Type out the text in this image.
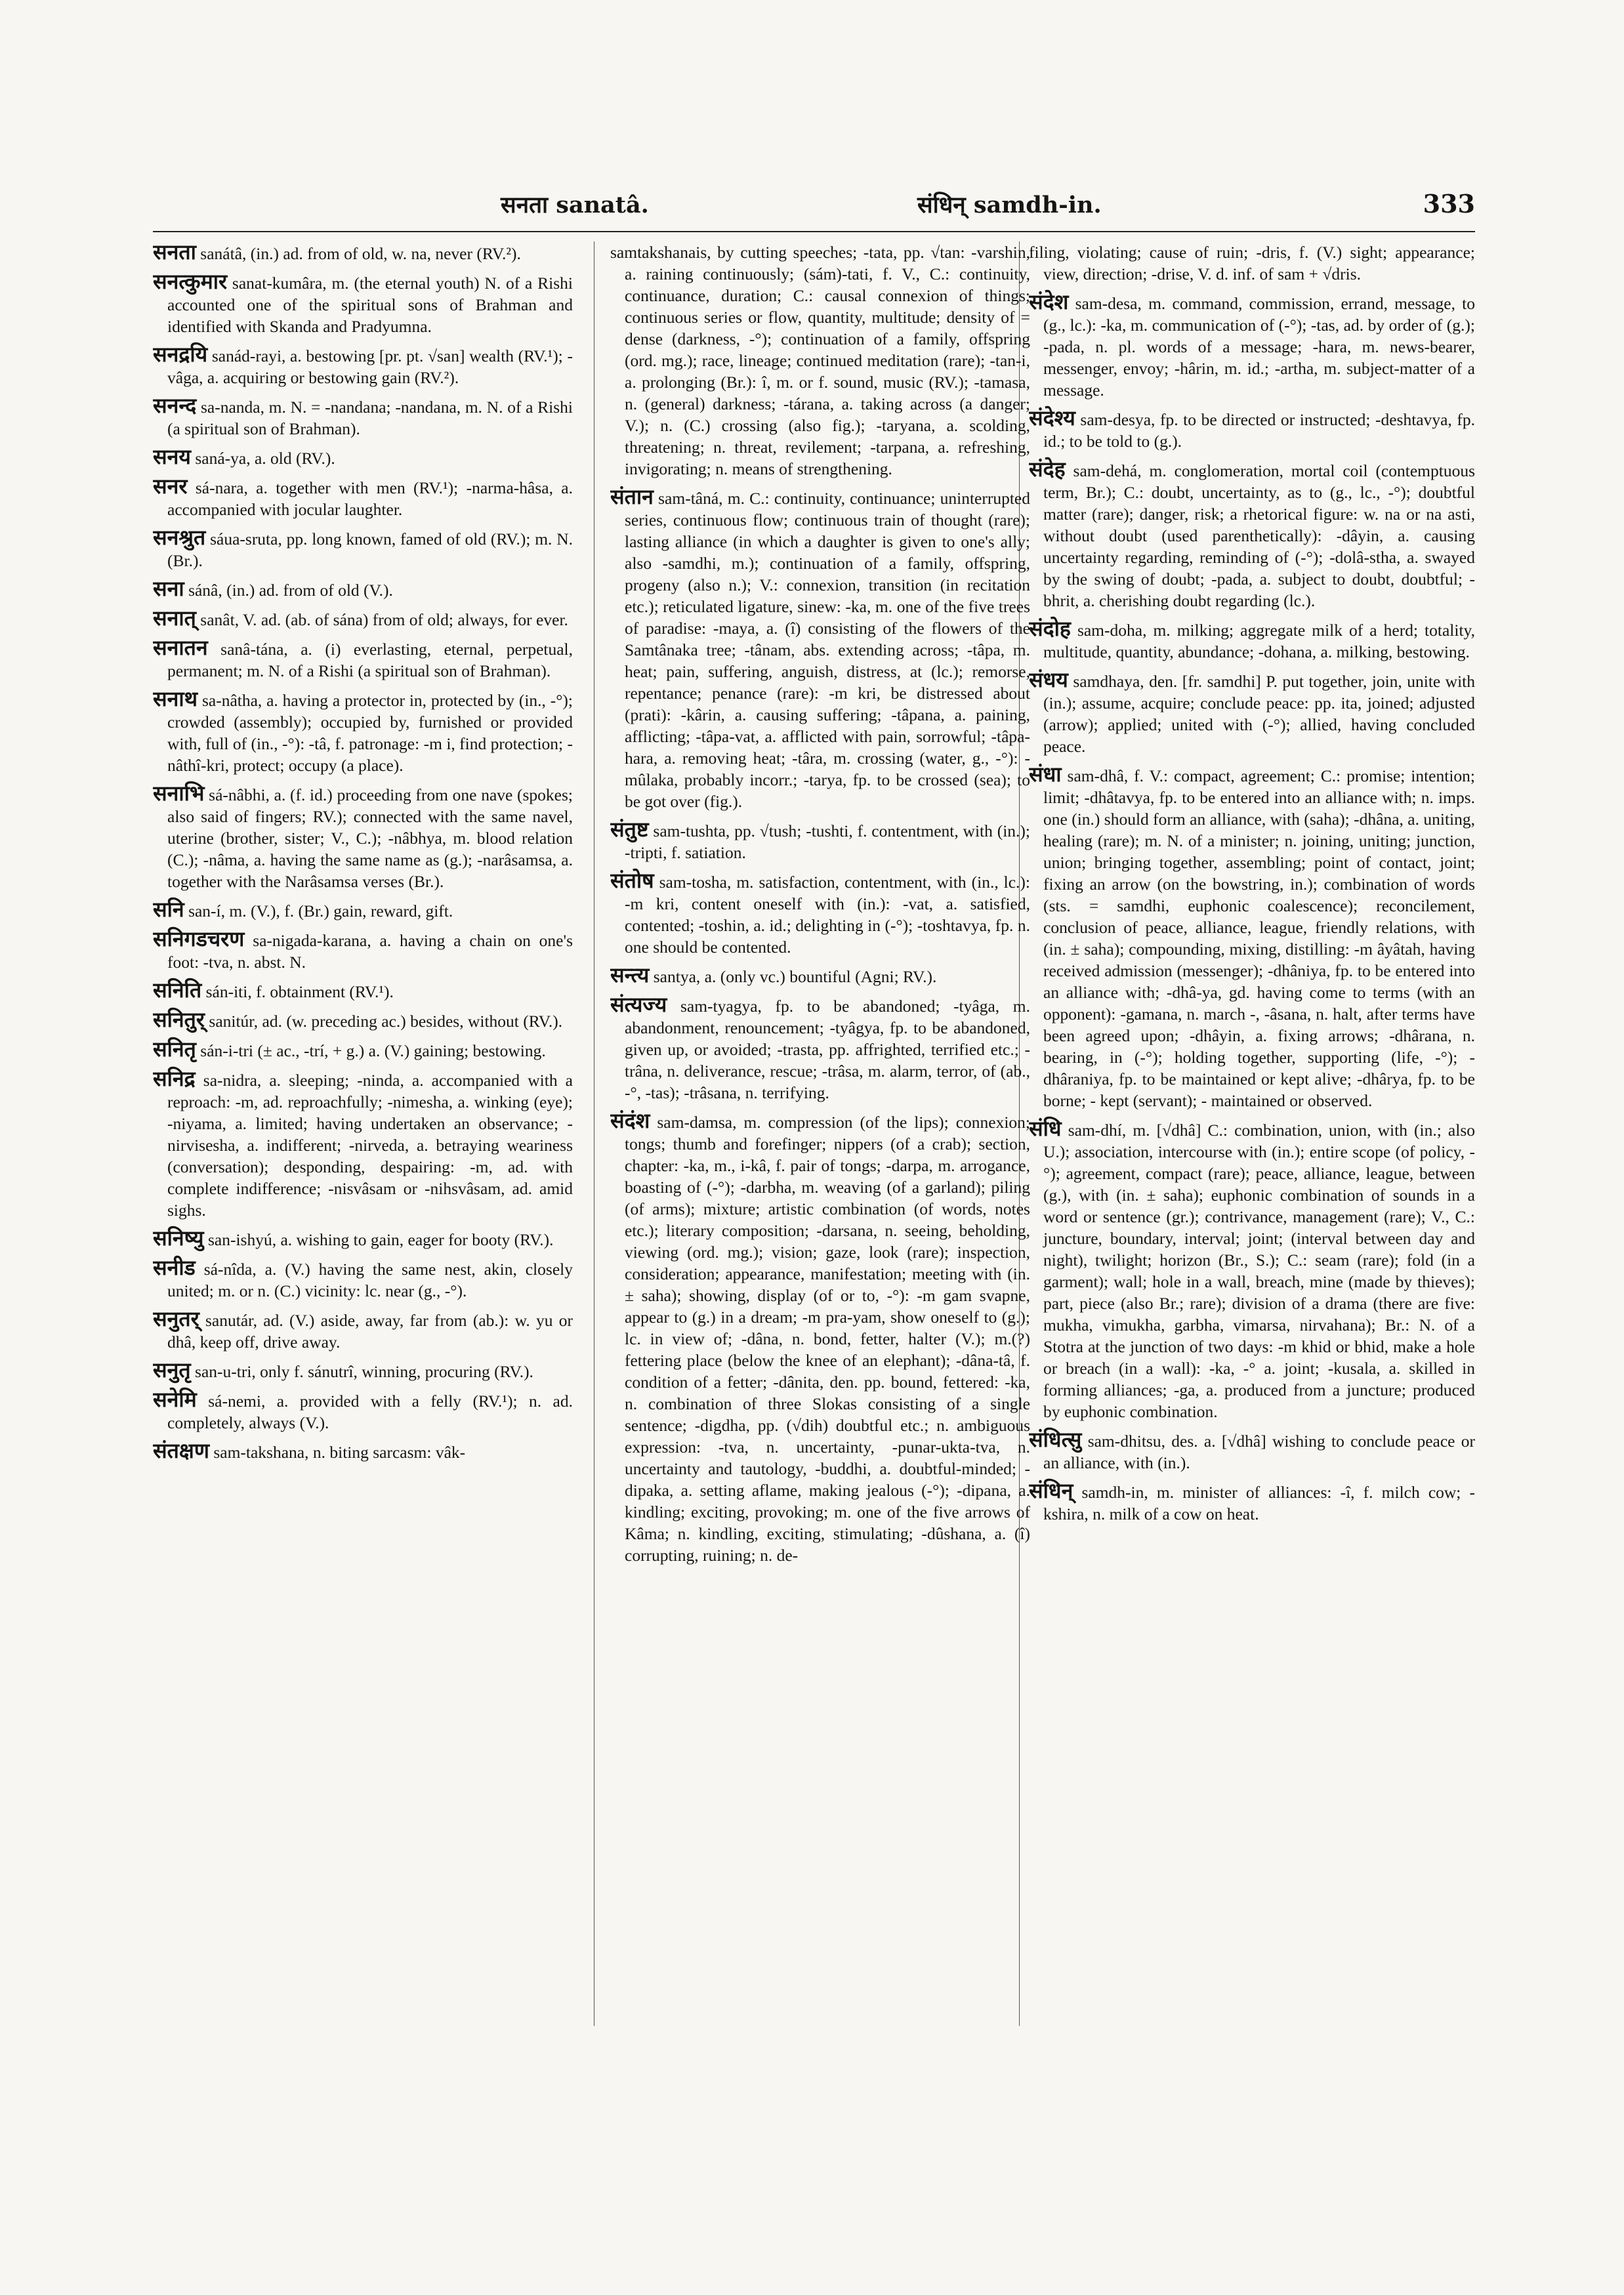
सनता sanatâ.	संधिन् samdh-in.	333

सनता sanátâ, (in.) ad. from of old, w. na, never (RV.²).

सनत्कुमार sanat-kumâra, m. (the eternal youth) N. of a Rishi accounted one of the spiritual sons of Brahman and identified with Skanda and Pradyumna.

सनद्रयि sanád-rayi, a. bestowing [pr. pt. √san] wealth (RV.¹); -vâga, a. acquiring or bestowing gain (RV.²).

सनन्द sa-nanda, m. N. = -nandana; -nandana, m. N. of a Rishi (a spiritual son of Brahman).

सनय saná-ya, a. old (RV.).

सनर sá-nara, a. together with men (RV.¹); -narma-hâsa, a. accompanied with jocular laughter.

सनश्रुत sáua-sruta, pp. long known, famed of old (RV.); m. N. (Br.).

सना sánâ, (in.) ad. from of old (V.).

सनात् sanât, V. ad. (ab. of sána) from of old; always, for ever.

सनातन sanâ-tána, a. (i) everlasting, eternal, perpetual, permanent; m. N. of a Rishi (a spiritual son of Brahman).

सनाथ sa-nâtha, a. having a protector in, protected by (in., -°); crowded (assembly); occupied by, furnished or provided with, full of (in., -°): -tâ, f. patronage: -m i, find protection; -nâthî-kri, protect; occupy (a place).

सनाभि sá-nâbhi, a. (f. id.) proceeding from one nave (spokes; also said of fingers; RV.); connected with the same navel, uterine (brother, sister; V., C.); -nâbhya, m. blood relation (C.); -nâma, a. having the same name as (g.); -narâsamsa, a. together with the Narâsamsa verses (Br.).

सनि san-í, m. (V.), f. (Br.) gain, reward, gift.

सनिगडचरण sa-nigada-karana, a. having a chain on one's foot: -tva, n. abst. N.

सनिति sán-iti, f. obtainment (RV.¹).

सनितुर् sanitúr, ad. (w. preceding ac.) besides, without (RV.).

सनितृ sán-i-tri (± ac., -trí, + g.) a. (V.) gaining; bestowing.

सनिद्र sa-nidra, a. sleeping; -ninda, a. accompanied with a reproach: -m, ad. reproachfully; -nimesha, a. winking (eye); -niyama, a. limited; having undertaken an observance; -nirvisesha, a. indifferent; -nirveda, a. betraying weariness (conversation); desponding, despairing: -m, ad. with complete indifference; -nisvâsam or -nihsvâsam, ad. amid sighs.

सनिष्यु san-ishyú, a. wishing to gain, eager for booty (RV.).

सनीड sá-nîda, a. (V.) having the same nest, akin, closely united; m. or n. (C.) vicinity: lc. near (g., -°).

सनुतर् sanutár, ad. (V.) aside, away, far from (ab.): w. yu or dhâ, keep off, drive away.

सनुतृ san-u-tri, only f. sánutrî, winning, procuring (RV.).

सनेमि sá-nemi, a. provided with a felly (RV.¹); n. ad. completely, always (V.).

संतक्षण sam-takshana, n. biting sarcasm: vâk-

samtakshanais, by cutting speeches; -tata, pp. √tan: -varshin, a. raining continuously; (sám)-tati, f. V., C.: continuity, continuance, duration; C.: causal connexion of things; continuous series or flow, quantity, multitude; density of = dense (darkness, -°); continuation of a family, offspring (ord. mg.); race, lineage; continued meditation (rare); -tan-i, a. prolonging (Br.): î, m. or f. sound, music (RV.); -tamasa, n. (general) darkness; -tárana, a. taking across (a danger; V.); n. (C.) crossing (also fig.); -taryana, a. scolding, threatening; n. threat, revilement; -tarpana, a. refreshing, invigorating; n. means of strengthening.

संतान sam-tâná, m. C.: continuity, continuance; uninterrupted series, continuous flow; continuous train of thought (rare); lasting alliance (in which a daughter is given to one's ally; also -samdhi, m.); continuation of a family, offspring, progeny (also n.); V.: connexion, transition (in recitation etc.); reticulated ligature, sinew: -ka, m. one of the five trees of paradise: -maya, a. (î) consisting of the flowers of the Samtânaka tree; -tânam, abs. extending across; -tâpa, m. heat; pain, suffering, anguish, distress, at (lc.); remorse, repentance; penance (rare): -m kri, be distressed about (prati): -kârin, a. causing suffering; -tâpana, a. paining, afflicting; -tâpa-vat, a. afflicted with pain, sorrowful; -tâpa-hara, a. removing heat; -târa, m. crossing (water, g., -°): -mûlaka, probably incorr.; -tarya, fp. to be crossed (sea); to be got over (fig.).

संतुष्ट sam-tushta, pp. √tush; -tushti, f. contentment, with (in.); -tripti, f. satiation.

संतोष sam-tosha, m. satisfaction, contentment, with (in., lc.): -m kri, content oneself with (in.): -vat, a. satisfied, contented; -toshin, a. id.; delighting in (-°); -toshtavya, fp. n. one should be contented.

सन्त्य santya, a. (only vc.) bountiful (Agni; RV.).

संत्यज्य sam-tyagya, fp. to be abandoned; -tyâga, m. abandonment, renouncement; -tyâgya, fp. to be abandoned, given up, or avoided; -trasta, pp. affrighted, terrified etc.; -trâna, n. deliverance, rescue; -trâsa, m. alarm, terror, of (ab., -°, -tas); -trâsana, n. terrifying.

संदंश sam-damsa, m. compression (of the lips); connexion; tongs; thumb and forefinger; nippers (of a crab); section, chapter: -ka, m., i-kâ, f. pair of tongs; -darpa, m. arrogance, boasting of (-°); -darbha, m. weaving (of a garland); piling (of arms); mixture; artistic combination (of words, notes etc.); literary composition; -darsana, n. seeing, beholding, viewing (ord. mg.); vision; gaze, look (rare); inspection, consideration; appearance, manifestation; meeting with (in. ± saha); showing, display (of or to, -°): -m gam svapne, appear to (g.) in a dream; -m pra-yam, show oneself to (g.); lc. in view of; -dâna, n. bond, fetter, halter (V.); m.(?) fettering place (below the knee of an elephant); -dâna-tâ, f. condition of a fetter; -dânita, den. pp. bound, fettered: -ka, n. combination of three Slokas consisting of a single sentence; -digdha, pp. (√dih) doubtful etc.; n. ambiguous expression: -tva, n. uncertainty, -punar-ukta-tva, n. uncertainty and tautology, -buddhi, a. doubtful-minded; -dipaka, a. setting aflame, making jealous (-°); -dipana, a. kindling; exciting, provoking; m. one of the five arrows of Kâma; n. kindling, exciting, stimulating; -dûshana, a. (î) corrupting, ruining; n. de-

filing, violating; cause of ruin; -dris, f. (V.) sight; appearance; view, direction; -drise, V. d. inf. of sam + √dris.

संदेश sam-desa, m. command, commission, errand, message, to (g., lc.): -ka, m. communication of (-°); -tas, ad. by order of (g.); -pada, n. pl. words of a message; -hara, m. news-bearer, messenger, envoy; -hârin, m. id.; -artha, m. subject-matter of a message.

संदेश्य sam-desya, fp. to be directed or instructed; -deshtavya, fp. id.; to be told to (g.).

संदेह sam-dehá, m. conglomeration, mortal coil (contemptuous term, Br.); C.: doubt, uncertainty, as to (g., lc., -°); doubtful matter (rare); danger, risk; a rhetorical figure: w. na or na asti, without doubt (used parenthetically): -dâyin, a. causing uncertainty regarding, reminding of (-°); -dolâ-stha, a. swayed by the swing of doubt; -pada, a. subject to doubt, doubtful; -bhrit, a. cherishing doubt regarding (lc.).

संदोह sam-doha, m. milking; aggregate milk of a herd; totality, multitude, quantity, abundance; -dohana, a. milking, bestowing.

संधय samdhaya, den. [fr. samdhi] P. put together, join, unite with (in.); assume, acquire; conclude peace: pp. ita, joined; adjusted (arrow); applied; united with (-°); allied, having concluded peace.

संधा sam-dhâ, f. V.: compact, agreement; C.: promise; intention; limit; -dhâtavya, fp. to be entered into an alliance with; n. imps. one (in.) should form an alliance, with (saha); -dhâna, a. uniting, healing (rare); m. N. of a minister; n. joining, uniting; junction, union; bringing together, assembling; point of contact, joint; fixing an arrow (on the bowstring, in.); combination of words (sts. = samdhi, euphonic coalescence); reconcilement, conclusion of peace, alliance, league, friendly relations, with (in. ± saha); compounding, mixing, distilling: -m âyâtah, having received admission (messenger); -dhâniya, fp. to be entered into an alliance with; -dhâ-ya, gd. having come to terms (with an opponent): -gamana, n. march -, -âsana, n. halt, after terms have been agreed upon; -dhâyin, a. fixing arrows; -dhârana, n. bearing, in (-°); holding together, supporting (life, -°); -dhâraniya, fp. to be maintained or kept alive; -dhârya, fp. to be borne; - kept (servant); - maintained or observed.

संधि sam-dhí, m. [√dhâ] C.: combination, union, with (in.; also U.); association, intercourse with (in.); entire scope (of policy, -°); agreement, compact (rare); peace, alliance, league, between (g.), with (in. ± saha); euphonic combination of sounds in a word or sentence (gr.); contrivance, management (rare); V., C.: juncture, boundary, interval; joint; (interval between day and night), twilight; horizon (Br., S.); C.: seam (rare); fold (in a garment); wall; hole in a wall, breach, mine (made by thieves); part, piece (also Br.; rare); division of a drama (there are five: mukha, vimukha, garbha, vimarsa, nirvahana); Br.: N. of a Stotra at the junction of two days: -m khid or bhid, make a hole or breach (in a wall): -ka, -° a. joint; -kusala, a. skilled in forming alliances; -ga, a. produced from a juncture; produced by euphonic combination.

संधित्सु sam-dhitsu, des. a. [√dhâ] wishing to conclude peace or an alliance, with (in.).

संधिन् samdh-in, m. minister of alliances: -î, f. milch cow; -kshira, n. milk of a cow on heat.
